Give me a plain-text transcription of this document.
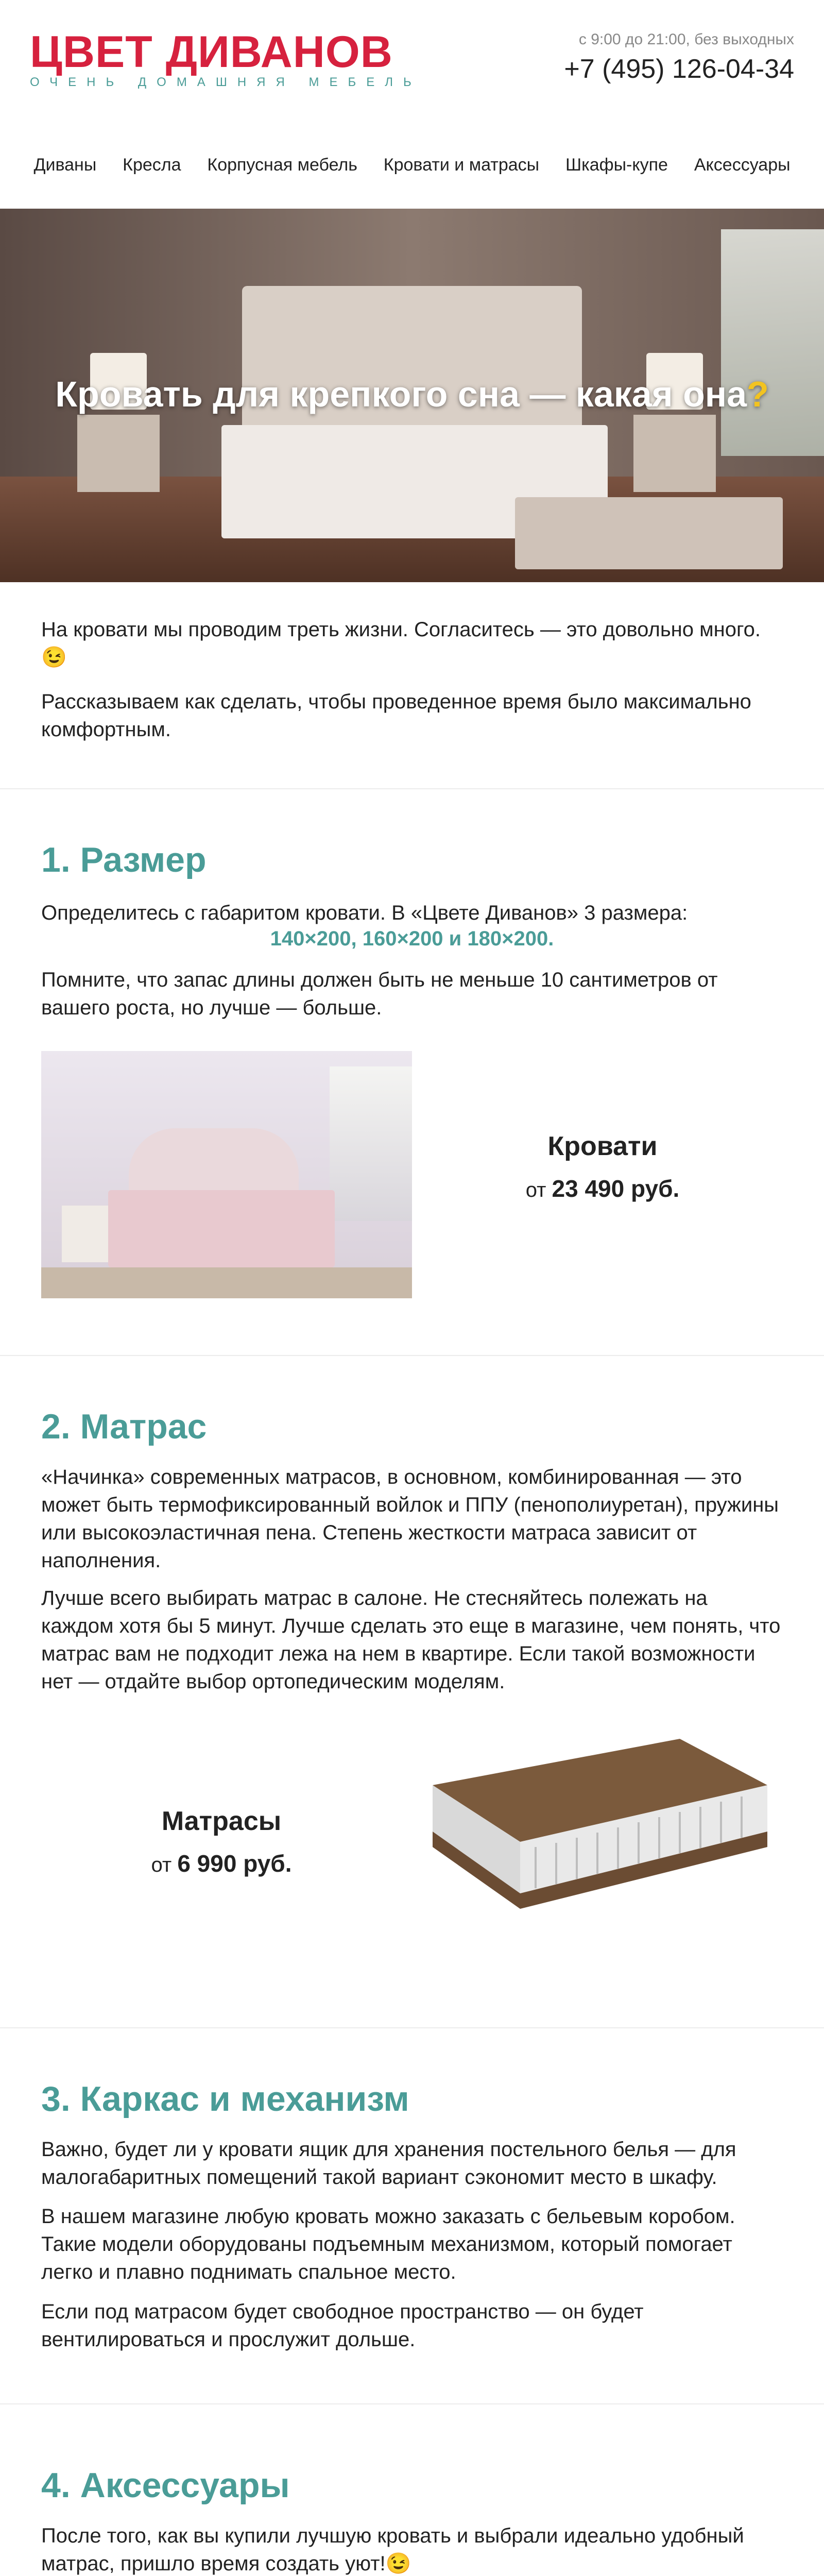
ЦВЕТ ДИВАНОВ
ОЧЕНЬ ДОМАШНЯЯ МЕБЕЛЬ
с 9:00 до 21:00, без выходных
+7 (495) 126-04-34
Диваны Кресла Корпусная мебель Кровати и матрасы Шкафы-купе Аксессуары
Кровать для крепкого сна — какая она?

На кровати мы проводим треть жизни. Согласитесь — это довольно много. 😉

Рассказываем как сделать, чтобы проведенное время было максимально комфортным.

1. Размер

Определитесь с габаритом кровати. В «Цвете Диванов» 3 размера:

140×200, 160×200 и 180×200.

Помните, что запас длины должен быть не меньше 10 сантиметров от вашего роста, но лучше — больше.

Кровати
от 23 490 руб.
2. Матрас

«Начинка» современных матрасов, в основном, комбинированная — это может быть термофиксированный войлок и ППУ (пенополиуретан), пружины или высокоэластичная пена. Степень жесткости матраса зависит от наполнения.

Лучше всего выбирать матрас в салоне. Не стесняйтесь полежать на каждом хотя бы 5 минут. Лучше сделать это еще в магазине, чем понять, что матрас вам не подходит лежа на нем в квартире. Если такой возможности нет — отдайте выбор ортопедическим моделям.

Матрасы
от 6 990 руб.
3. Каркас и механизм

Важно, будет ли у кровати ящик для хранения постельного белья — для малогабаритных помещений такой вариант сэкономит место в шкафу.

В нашем магазине любую кровать можно заказать с бельевым коробом. Такие модели оборудованы подъемным механизмом, который помогает легко и плавно поднимать спальное место.

Если под матрасом будет свободное пространство — он будет вентилироваться и прослужит дольше.

4. Аксессуары

После того, как вы купили лучшую кровать и выбрали идеально удобный матрас, пришло время создать уют!😉
